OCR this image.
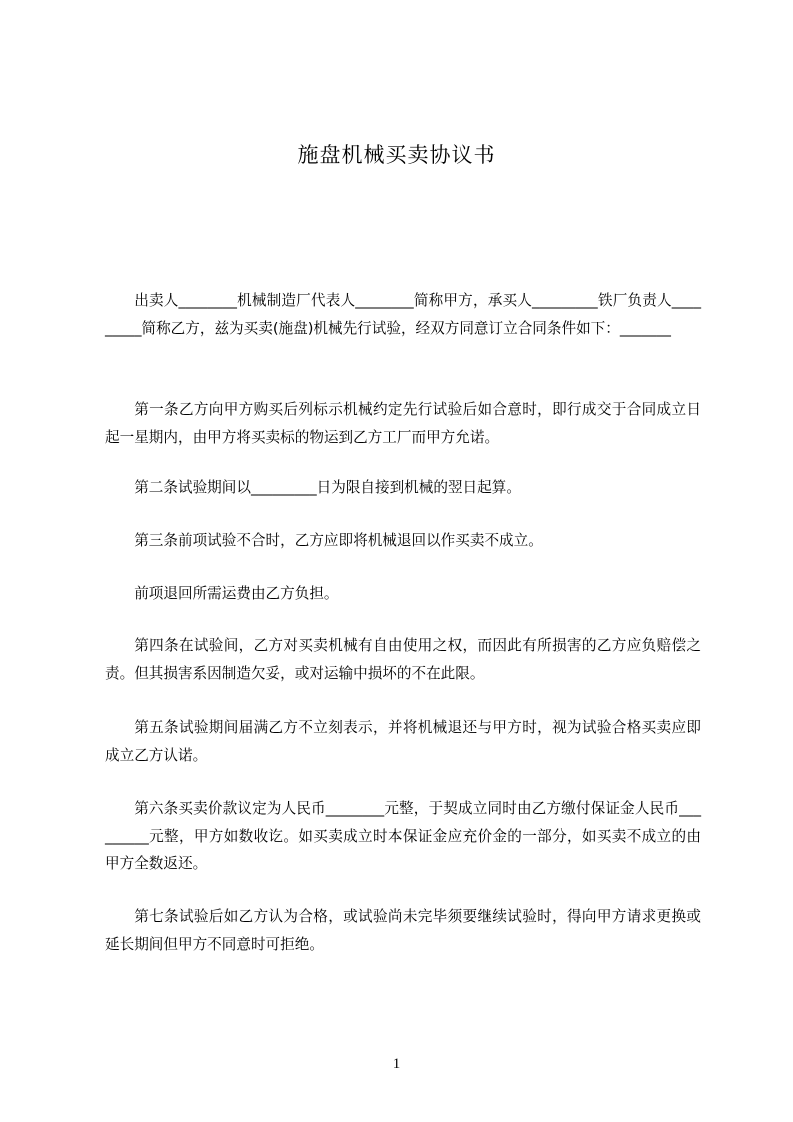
施盘机械买卖协议书

出卖人________机械制造厂代表人________简称甲方，承买人_________铁厂负责人_________简称乙方，兹为买卖(施盘)机械先行试验，经双方同意订立合同条件如下：_______

第一条乙方向甲方购买后列标示机械约定先行试验后如合意时，即行成交于合同成立日起一星期内，由甲方将买卖标的物运到乙方工厂而甲方允诺。

第二条试验期间以_________日为限自接到机械的翌日起算。

第三条前项试验不合时，乙方应即将机械退回以作买卖不成立。

前项退回所需运费由乙方负担。

第四条在试验间，乙方对买卖机械有自由使用之权，而因此有所损害的乙方应负赔偿之责。但其损害系因制造欠妥，或对运输中损坏的不在此限。

第五条试验期间届满乙方不立刻表示，并将机械退还与甲方时，视为试验合格买卖应即成立乙方认诺。

第六条买卖价款议定为人民币________元整，于契成立同时由乙方缴付保证金人民币_________元整，甲方如数收讫。如买卖成立时本保证金应充价金的一部分，如买卖不成立的由甲方全数返还。

第七条试验后如乙方认为合格，或试验尚未完毕须要继续试验时，得向甲方请求更换或延长期间但甲方不同意时可拒绝。

1
